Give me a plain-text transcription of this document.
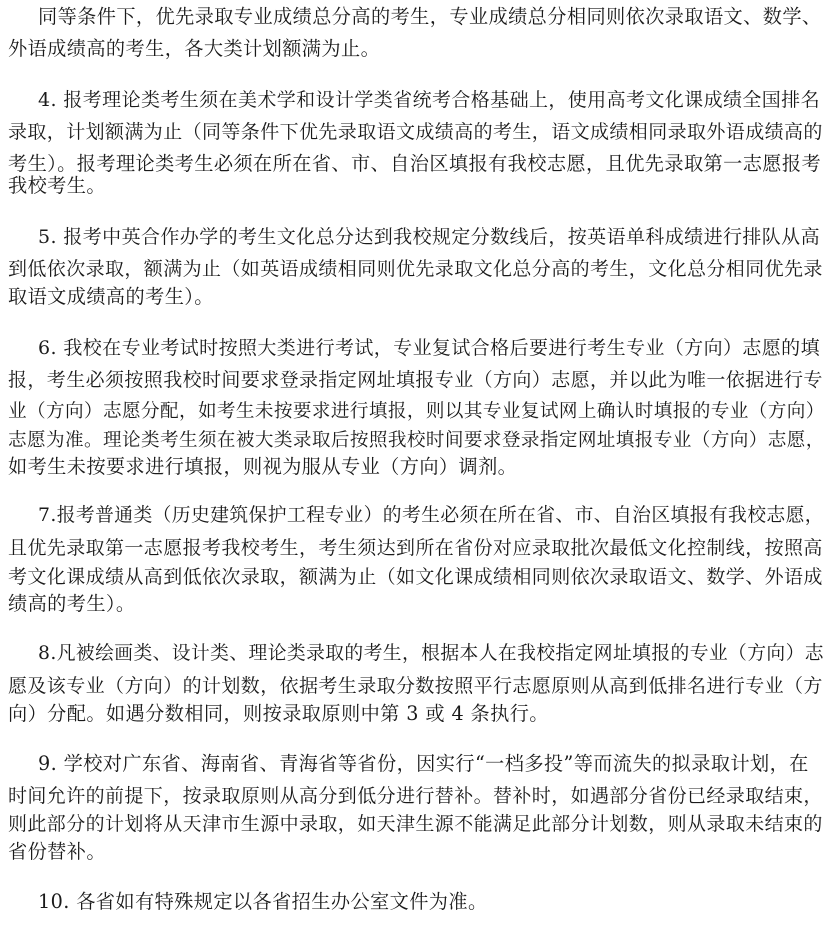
同等条件下，优先录取专业成绩总分高的考生，专业成绩总分相同则依次录取语文、数学、
外语成绩高的考生，各大类计划额满为止。
4. 报考理论类考生须在美术学和设计学类省统考合格基础上，使用高考文化课成绩全国排名
录取，计划额满为止（同等条件下优先录取语文成绩高的考生，语文成绩相同录取外语成绩高的
考生）。报考理论类考生必须在所在省、市、自治区填报有我校志愿，且优先录取第一志愿报考
我校考生。
5. 报考中英合作办学的考生文化总分达到我校规定分数线后，按英语单科成绩进行排队从高
到低依次录取，额满为止（如英语成绩相同则优先录取文化总分高的考生，文化总分相同优先录
取语文成绩高的考生）。
6. 我校在专业考试时按照大类进行考试，专业复试合格后要进行考生专业（方向）志愿的填
报，考生必须按照我校时间要求登录指定网址填报专业（方向）志愿，并以此为唯一依据进行专
业（方向）志愿分配，如考生未按要求进行填报，则以其专业复试网上确认时填报的专业（方向）
志愿为准。理论类考生须在被大类录取后按照我校时间要求登录指定网址填报专业（方向）志愿，
如考生未按要求进行填报，则视为服从专业（方向）调剂。
7.报考普通类（历史建筑保护工程专业）的考生必须在所在省、市、自治区填报有我校志愿，
且优先录取第一志愿报考我校考生，考生须达到所在省份对应录取批次最低文化控制线，按照高
考文化课成绩从高到低依次录取，额满为止（如文化课成绩相同则依次录取语文、数学、外语成
绩高的考生）。
8.凡被绘画类、设计类、理论类录取的考生，根据本人在我校指定网址填报的专业（方向）志
愿及该专业（方向）的计划数，依据考生录取分数按照平行志愿原则从高到低排名进行专业（方
向）分配。如遇分数相同，则按录取原则中第 3 或 4 条执行。
9. 学校对广东省、海南省、青海省等省份，因实行“一档多投”等而流失的拟录取计划，在
时间允许的前提下，按录取原则从高分到低分进行替补。替补时，如遇部分省份已经录取结束，
则此部分的计划将从天津市生源中录取，如天津生源不能满足此部分计划数，则从录取未结束的
省份替补。
10. 各省如有特殊规定以各省招生办公室文件为准。
